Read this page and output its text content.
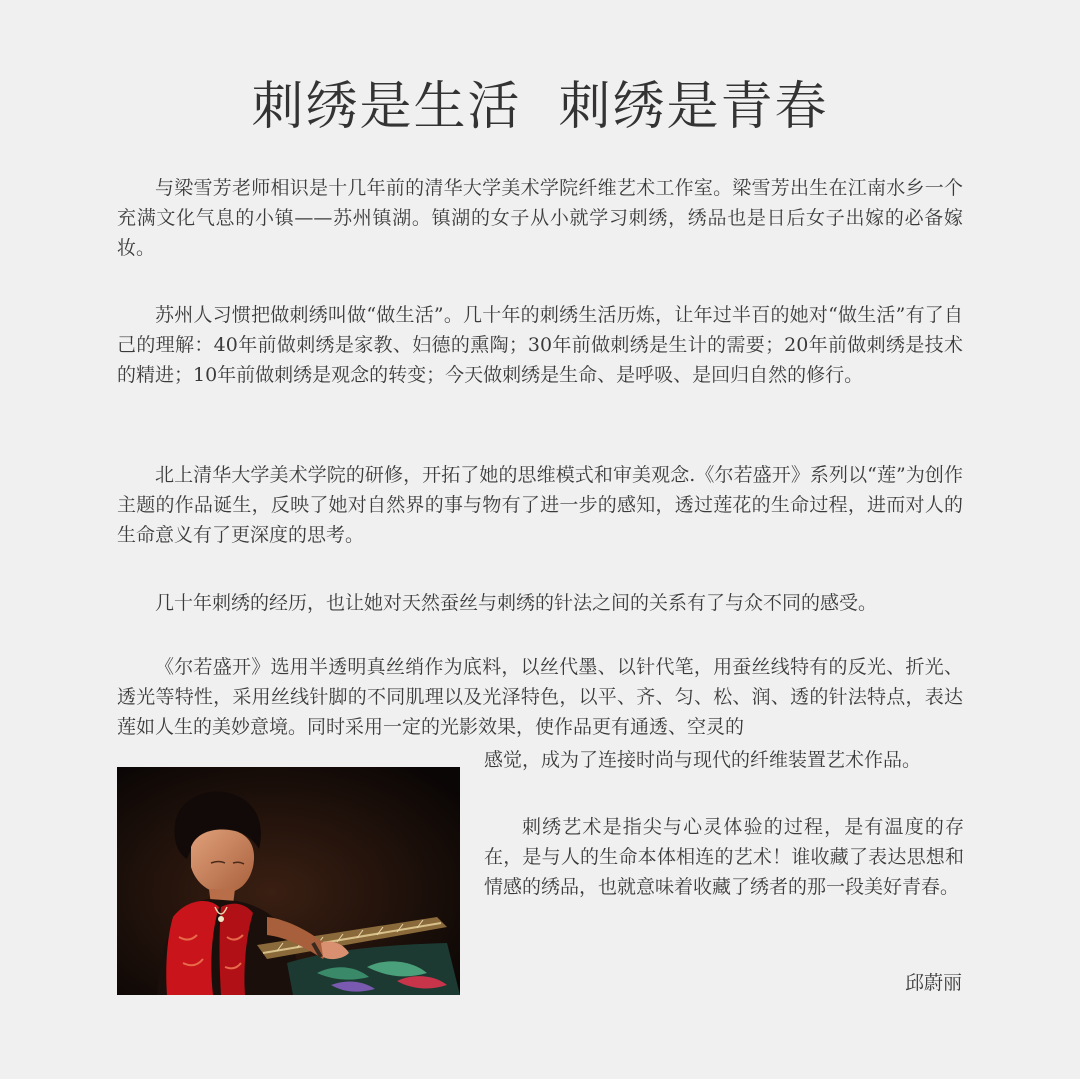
刺绣是生活  刺绣是青春

与梁雪芳老师相识是十几年前的清华大学美术学院纤维艺术工作室。梁雪芳出生在江南水乡一个充满文化气息的小镇——苏州镇湖。镇湖的女子从小就学习刺绣，绣品也是日后女子出嫁的必备嫁妆。

苏州人习惯把做刺绣叫做“做生活”。几十年的刺绣生活历炼，让年过半百的她对“做生活”有了自己的理解：40年前做刺绣是家教、妇德的熏陶；30年前做刺绣是生计的需要；20年前做刺绣是技术的精进；10年前做刺绣是观念的转变；今天做刺绣是生命、是呼吸、是回归自然的修行。

北上清华大学美术学院的研修，开拓了她的思维模式和审美观念.《尔若盛开》系列以“莲”为创作主题的作品诞生，反映了她对自然界的事与物有了进一步的感知，透过莲花的生命过程，进而对人的生命意义有了更深度的思考。

几十年刺绣的经历，也让她对天然蚕丝与刺绣的针法之间的关系有了与众不同的感受。

《尔若盛开》选用半透明真丝绡作为底料，以丝代墨、以针代笔，用蚕丝线特有的反光、折光、透光等特性，采用丝线针脚的不同肌理以及光泽特色，以平、齐、匀、松、润、透的针法特点，表达莲如人生的美妙意境。同时采用一定的光影效果，使作品更有通透、空灵的

感觉，成为了连接时尚与现代的纤维装置艺术作品。

刺绣艺术是指尖与心灵体验的过程，是有温度的存在，是与人的生命本体相连的艺术！谁收藏了表达思想和情感的绣品，也就意味着收藏了绣者的那一段美好青春。

邱蔚丽
